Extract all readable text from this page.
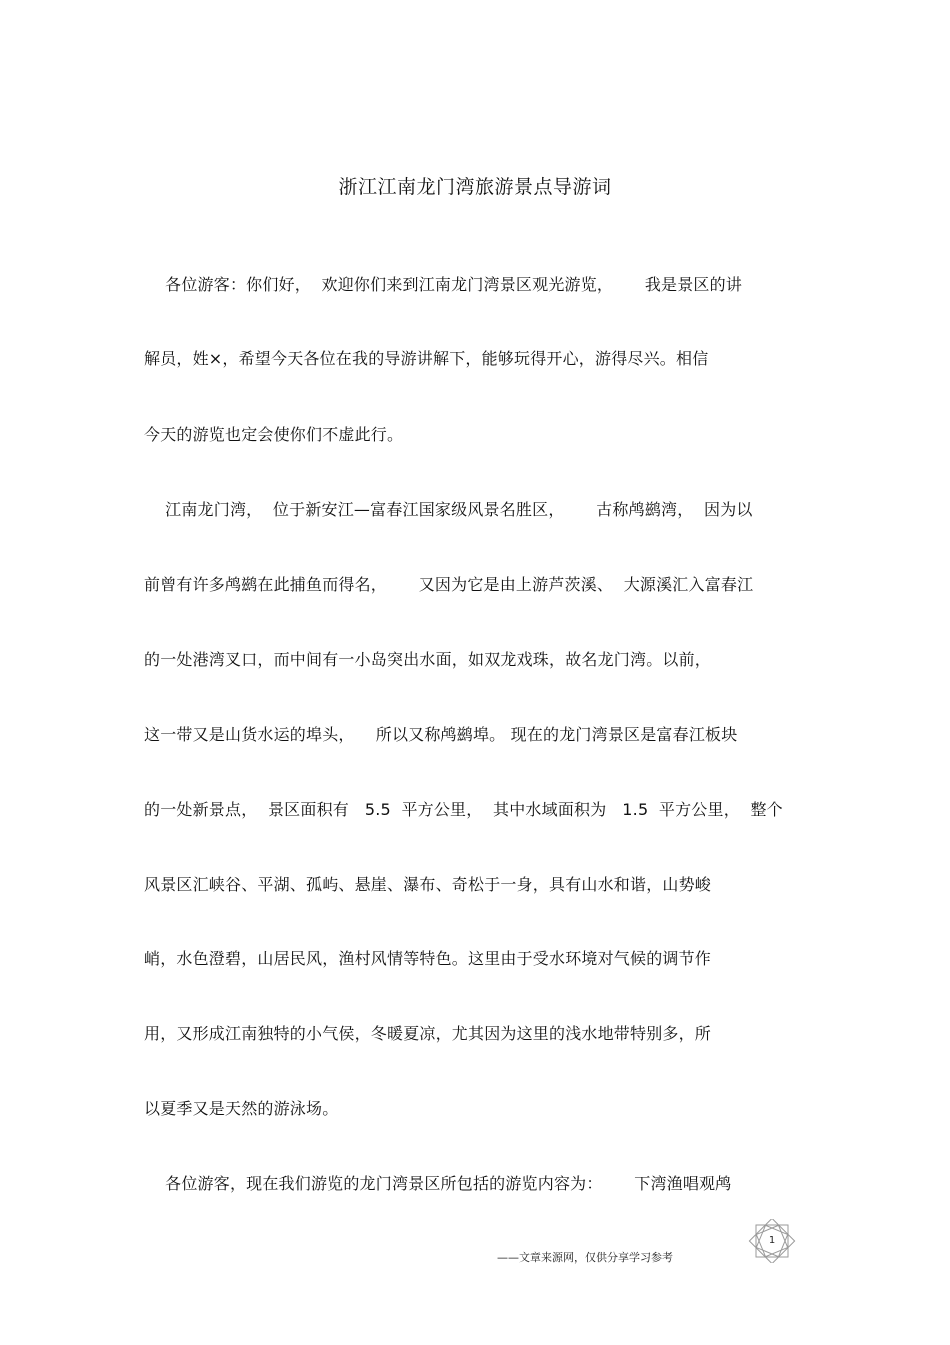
浙江江南龙门湾旅游景点导游词
各位游客：你们好，  欢迎你们来到江南龙门湾景区观光游览，      我是景区的讲
解员，姓×，希望今天各位在我的导游讲解下，能够玩得开心，游得尽兴。相信
今天的游览也定会使你们不虚此行。
江南龙门湾，  位于新安江—富春江国家级风景名胜区，      古称鸬鹚湾，  因为以
前曾有许多鸬鹚在此捕鱼而得名，      又因为它是由上游芦茨溪、  大源溪汇入富春江
的一处港湾叉口，而中间有一小岛突出水面，如双龙戏珠，故名龙门湾。以前，
这一带又是山货水运的埠头，    所以又称鸬鹚埠。 现在的龙门湾景区是富春江板块
的一处新景点，  景区面积有   5.5  平方公里，  其中水域面积为   1.5  平方公里，  整个
风景区汇峡谷、平湖、孤屿、悬崖、瀑布、奇松于一身，具有山水和谐，山势峻
峭，水色澄碧，山居民风，渔村风情等特色。这里由于受水环境对气候的调节作
用，又形成江南独特的小气侯，冬暖夏凉，尤其因为这里的浅水地带特别多，所
以夏季又是天然的游泳场。
各位游客，现在我们游览的龙门湾景区所包括的游览内容为：      下湾渔唱观鸬
——文章来源网，仅供分享学习参考
1
